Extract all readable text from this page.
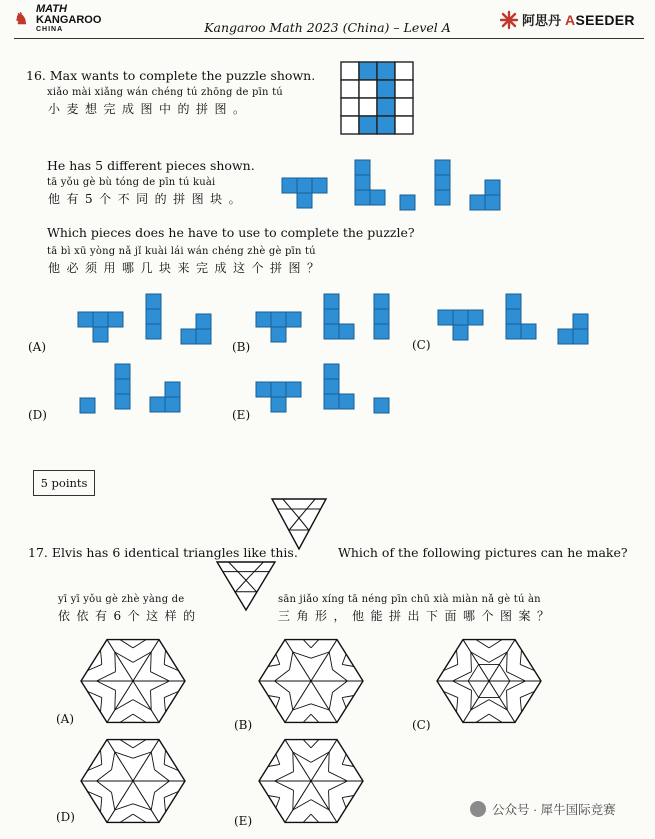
♞
MATH
KANGAROO
CHINA	Kangaroo Math 2023 (China) – Level A	阿思丹 ASEEDER
16. Max wants to complete the puzzle shown.
xiǎo mài xiǎng wán chéng tú zhōng de pīn tú
小麦想完成图中的拼图。
He has 5 different pieces shown.
tā yǒu gè bù tóng de pīn tú kuài
他有5个不同的拼图块。
Which pieces does he have to use to complete the puzzle?
tā bì xū yòng nǎ jǐ kuài lái wán chéng zhè gè pīn tú
他必须用哪几块来完成这个拼图？
(A)	(B)	(C)
(D)	(E)
5 points
17. Elvis has 6 identical triangles like this.	Which of the following pictures can he make?
yī yī yǒu gè zhè yàng de
依依有6个这样的
sān jiǎo xíng tā néng pīn chū xià miàn nǎ gè tú àn
三角形，他能拼出下面哪个图案？
(A)	(B)	(C)
(D)	(E)
公众号 · 犀牛国际竞赛
